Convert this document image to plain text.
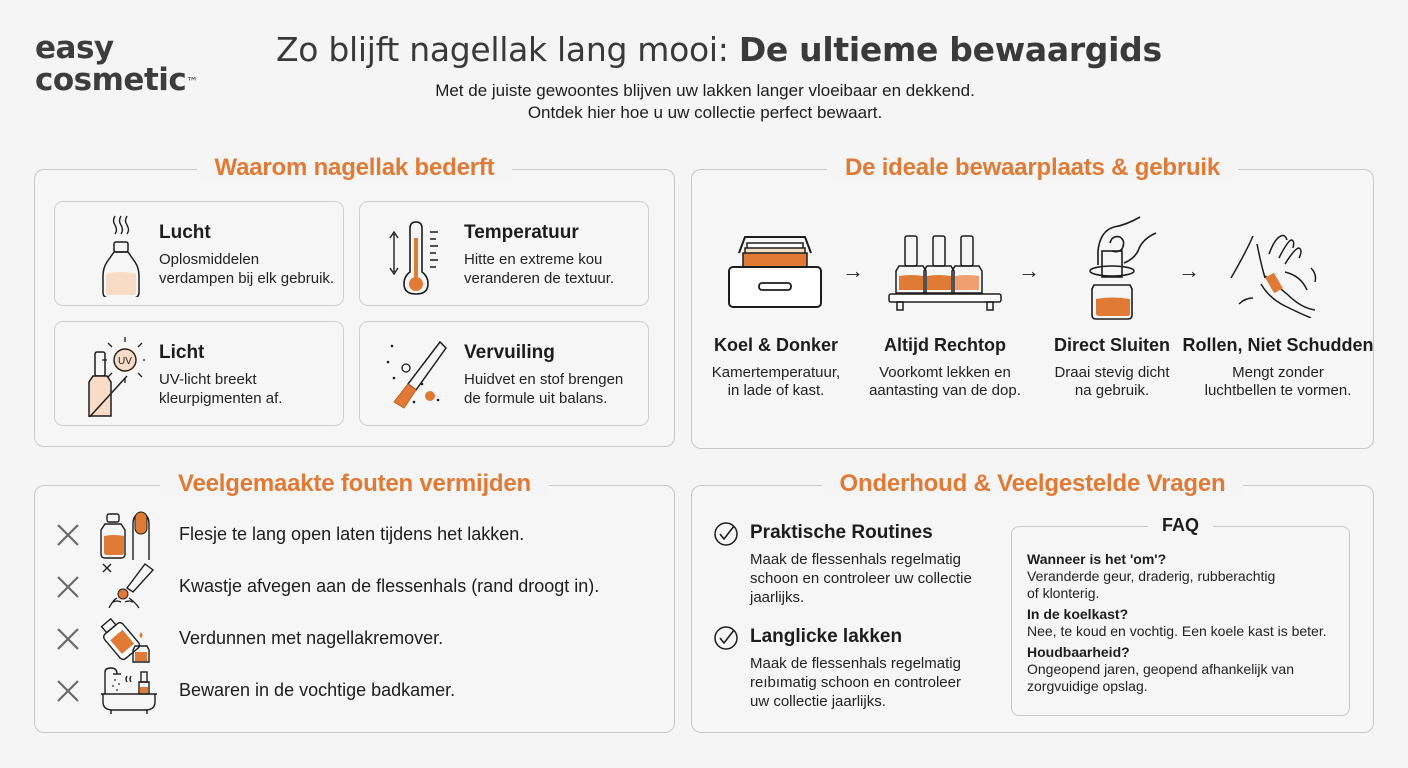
easy
cosmetic™
Zo blijft nagellak lang mooi: De ultieme bewaargids
Met de juiste gewoontes blijven uw lakken langer vloeibaar en dekkend.
Ontdek hier hoe u uw collectie perfect bewaart.
Waarom nagellak bederft
Lucht
Oplosmiddelen
verdampen bij elk gebruik.
Temperatuur
Hitte en extreme kou
veranderen de textuur.
UV Licht
UV-licht breekt
kleurpigmenten af.
Vervuiling
Huidvet en stof brengen
de formule uit balans.
De ideale bewaarplaats & gebruik
→	→	→
Koel & Donker
Kamertemperatuur,
in lade of kast.
Altijd Rechtop
Voorkomt lekken en
aantasting van de dop.
Direct Sluiten
Draai stevig dicht
na gebruik.
Rollen, Niet Schudden
Mengt zonder
luchtbellen te vormen.
Veelgemaakte fouten vermijden
Flesje te lang open laten tijdens het lakken.
Kwastje afvegen aan de flessenhals (rand droogt in).
Verdunnen met nagellakremover.
Bewaren in de vochtige badkamer.
Onderhoud & Veelgestelde Vragen
Praktische Routines
Maak de flessenhals regelmatig
schoon en controleer uw collectie
jaarlijks.
Langlicke lakken
Maak de flessenhals regelmatig
reıbımatig schoon en controleer
uw collectie jaarlijks.
FAQ
Wanneer is het 'om'?
Veranderde geur, draderig, rubberachtig
of klonterig.
In de koelkast?
Nee, te koud en vochtig. Een koele kast is beter.
Houdbaarheid?
Ongeopend jaren, geopend afhankelijk van
zorgvuidige opslag.
